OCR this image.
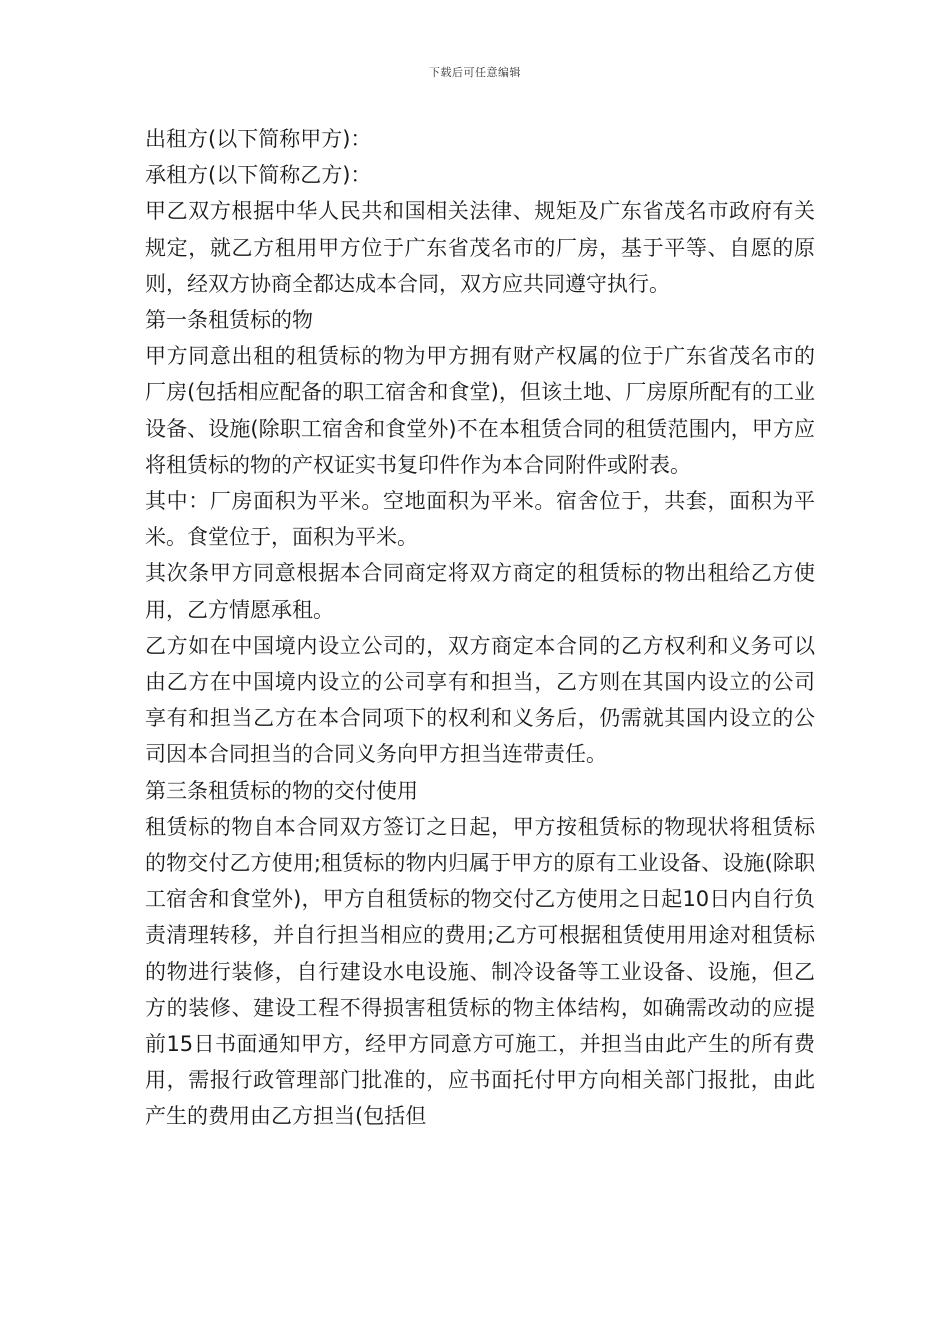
下载后可任意编辑

出租方(以下简称甲方)：

承租方(以下简称乙方)：

甲乙双方根据中华人民共和国相关法律、规矩及广东省茂名市政府有关规定，就乙方租用甲方位于广东省茂名市的厂房，基于平等、自愿的原则，经双方协商全都达成本合同，双方应共同遵守执行。

第一条租赁标的物

甲方同意出租的租赁标的物为甲方拥有财产权属的位于广东省茂名市的厂房(包括相应配备的职工宿舍和食堂)，但该土地、厂房原所配有的工业设备、设施(除职工宿舍和食堂外)不在本租赁合同的租赁范围内，甲方应将租赁标的物的产权证实书复印件作为本合同附件或附表。

其中：厂房面积为平米。空地面积为平米。宿舍位于，共套，面积为平米。食堂位于，面积为平米。

其次条甲方同意根据本合同商定将双方商定的租赁标的物出租给乙方使用，乙方情愿承租。

乙方如在中国境内设立公司的，双方商定本合同的乙方权利和义务可以由乙方在中国境内设立的公司享有和担当，乙方则在其国内设立的公司享有和担当乙方在本合同项下的权利和义务后，仍需就其国内设立的公司因本合同担当的合同义务向甲方担当连带责任。

第三条租赁标的物的交付使用

租赁标的物自本合同双方签订之日起，甲方按租赁标的物现状将租赁标的物交付乙方使用;租赁标的物内归属于甲方的原有工业设备、设施(除职工宿舍和食堂外)，甲方自租赁标的物交付乙方使用之日起10日内自行负责清理转移，并自行担当相应的费用;乙方可根据租赁使用用途对租赁标的物进行装修，自行建设水电设施、制冷设备等工业设备、设施，但乙方的装修、建设工程不得损害租赁标的物主体结构，如确需改动的应提前15日书面通知甲方，经甲方同意方可施工，并担当由此产生的所有费用，需报行政管理部门批准的，应书面托付甲方向相关部门报批，由此产生的费用由乙方担当(包括但
